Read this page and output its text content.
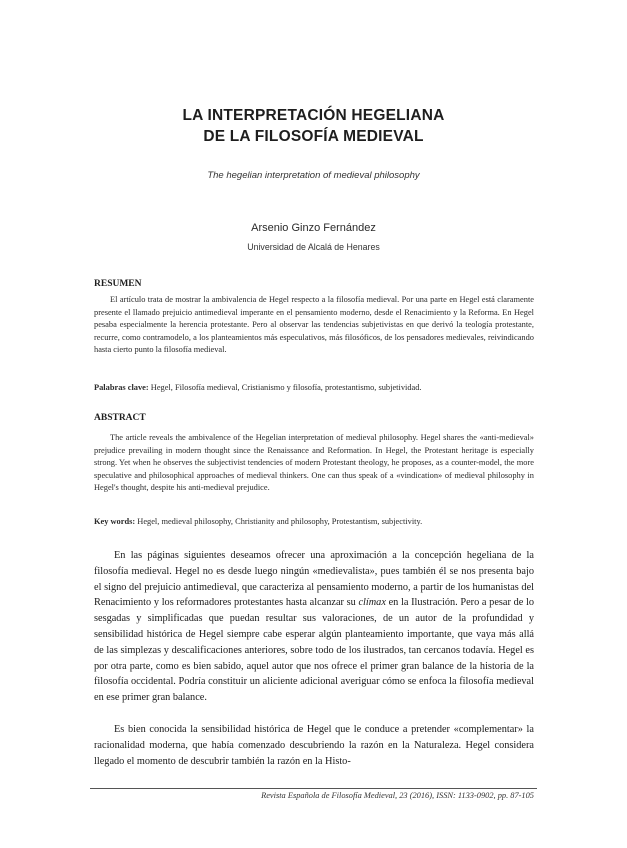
LA INTERPRETACIÓN HEGELIANA
DE LA FILOSOFÍA MEDIEVAL
The hegelian interpretation of medieval philosophy
Arsenio Ginzo Fernández
Universidad de Alcalá de Henares
RESUMEN

El artículo trata de mostrar la ambivalencia de Hegel respecto a la filosofía medieval. Por una parte en Hegel está claramente presente el llamado prejuicio antimedieval imperante en el pensamiento moderno, desde el Renacimiento y la Reforma. En Hegel pesaba especialmente la herencia protestante. Pero al observar las tendencias subjetivistas en que derivó la teología protestante, recurre, como contramodelo, a los planteamientos más especulativos, más filosóficos, de los pensadores medievales, reivindicando hasta cierto punto la filosofía medieval.

Palabras clave: Hegel, Filosofía medieval, Cristianismo y filosofía, protestantismo, subjetividad.
ABSTRACT

The article reveals the ambivalence of the Hegelian interpretation of medieval philosophy. Hegel shares the «anti-medieval» prejudice prevailing in modern thought since the Renaissance and Reformation. In Hegel, the Protestant heritage is especially strong. Yet when he observes the subjectivist tendencies of modern Protestant theology, he proposes, as a counter-model, the more speculative and philosophical approaches of medieval thinkers. One can thus speak of a «vindication» of medieval philosophy in Hegel's thought, despite his anti-medieval prejudice.

Key words: Hegel, medieval philosophy, Christianity and philosophy, Protestantism, subjectivity.

En las páginas siguientes deseamos ofrecer una aproximación a la concepción hegeliana de la filosofía medieval. Hegel no es desde luego ningún «medievalista», pues también él se nos presenta bajo el signo del prejuicio antimedieval, que caracteriza al pensamiento moderno, a partir de los humanistas del Renacimiento y los reformadores protestantes hasta alcanzar su clímax en la Ilustración. Pero a pesar de lo sesgadas y simplificadas que puedan resultar sus valoraciones, de un autor de la profundidad y sensibilidad histórica de Hegel siempre cabe esperar algún planteamiento importante, que vaya más allá de las simplezas y descalificaciones anteriores, sobre todo de los ilustrados, tan cercanos todavía. Hegel es por otra parte, como es bien sabido, aquel autor que nos ofrece el primer gran balance de la historia de la filosofía occidental. Podría constituir un aliciente adicional averiguar cómo se enfoca la filosofía medieval en ese primer gran balance.

Es bien conocida la sensibilidad histórica de Hegel que le conduce a pretender «complementar» la racionalidad moderna, que había comenzado descubriendo la razón en la Naturaleza. Hegel considera llegado el momento de descubrir también la razón en la Histo-

Revista Española de Filosofía Medieval, 23 (2016), ISSN: 1133-0902, pp. 87-105
